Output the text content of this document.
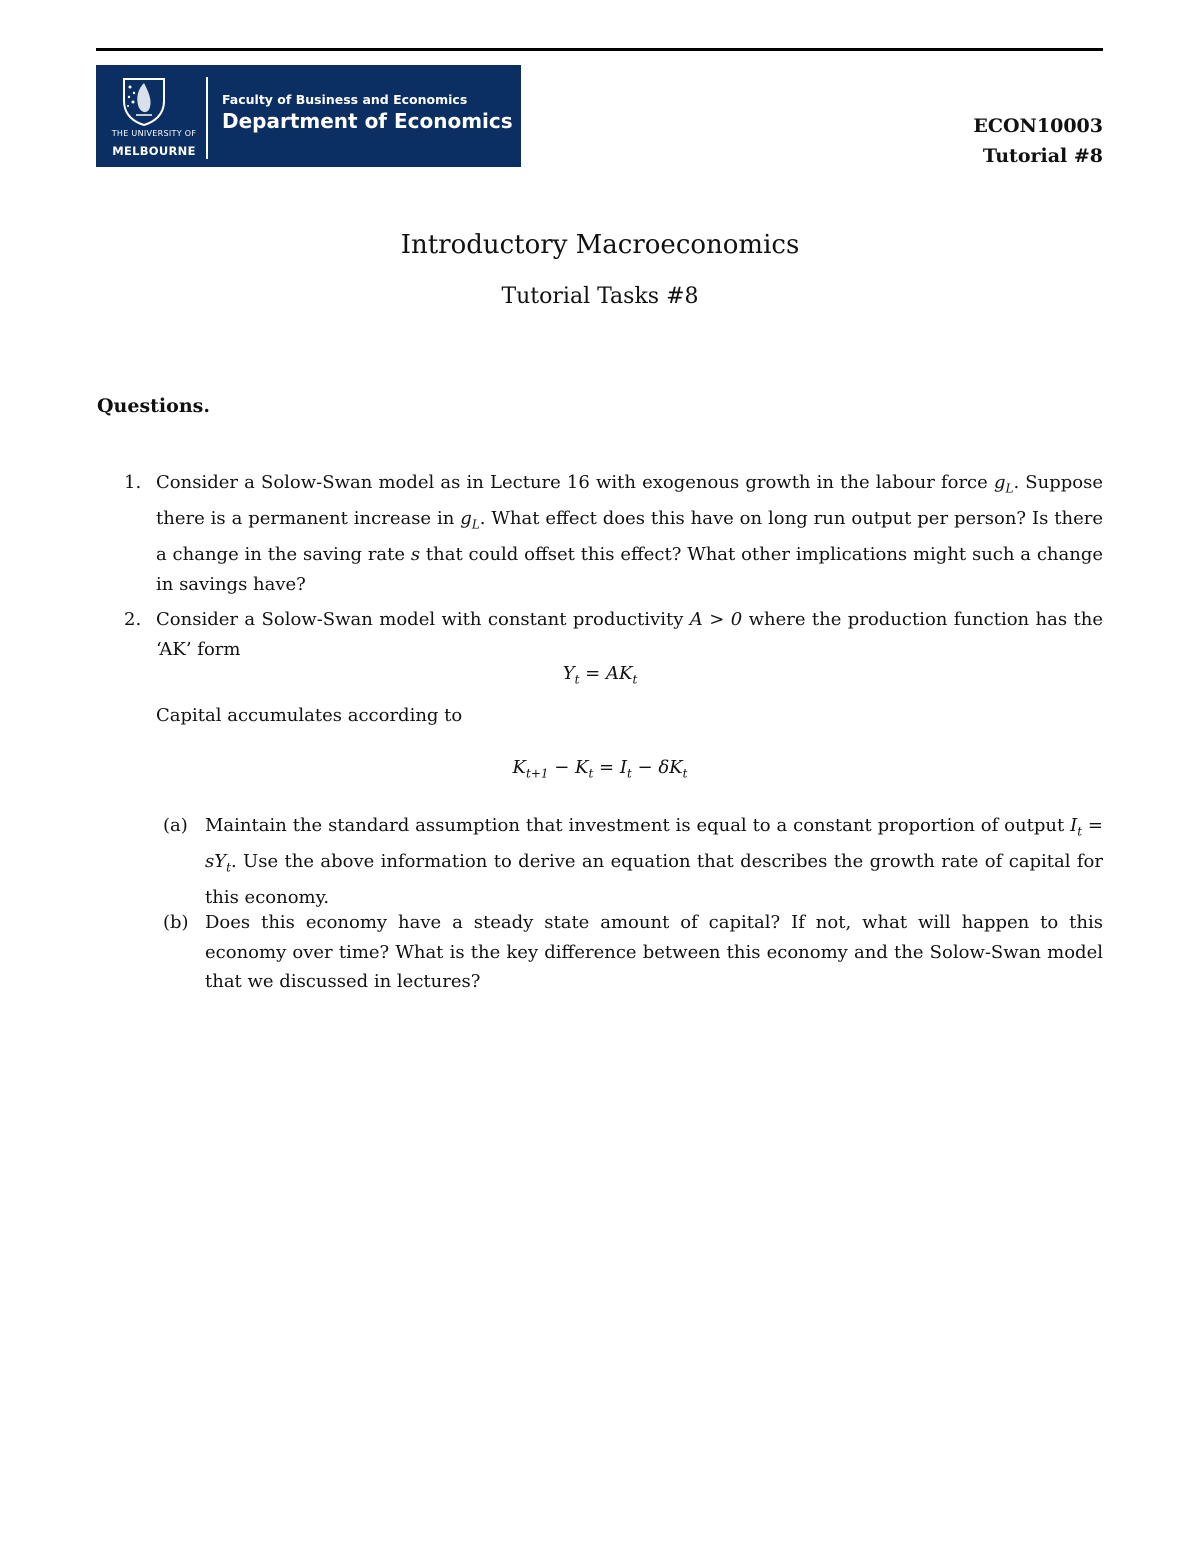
THE UNIVERSITY OF
MELBOURNE
Faculty of Business and Economics
Department of Economics	ECON10003
Tutorial #8
Introductory Macroeconomics
Tutorial Tasks #8
Questions.
1. Consider a Solow-Swan model as in Lecture 16 with exogenous growth in the labour force $g_L$. Suppose there is a permanent increase in $g_L$. What effect does this have on long run output per person? Is there a change in the saving rate s that could offset this effect? What other implications might such a change in savings have?
2. Consider a Solow-Swan model with constant productivity A > 0 where the production function has the ‘AK’ form
$Y_t = AK_t$
Capital accumulates according to
$K_{t+1} - K_t = I_t - \delta K_t$
(a) Maintain the standard assumption that investment is equal to a constant proportion of output $I_t = sY_t$. Use the above information to derive an equation that describes the growth rate of capital for this economy.
(b) Does this economy have a steady state amount of capital? If not, what will happen to this economy over time? What is the key difference between this economy and the Solow-Swan model that we discussed in lectures?
